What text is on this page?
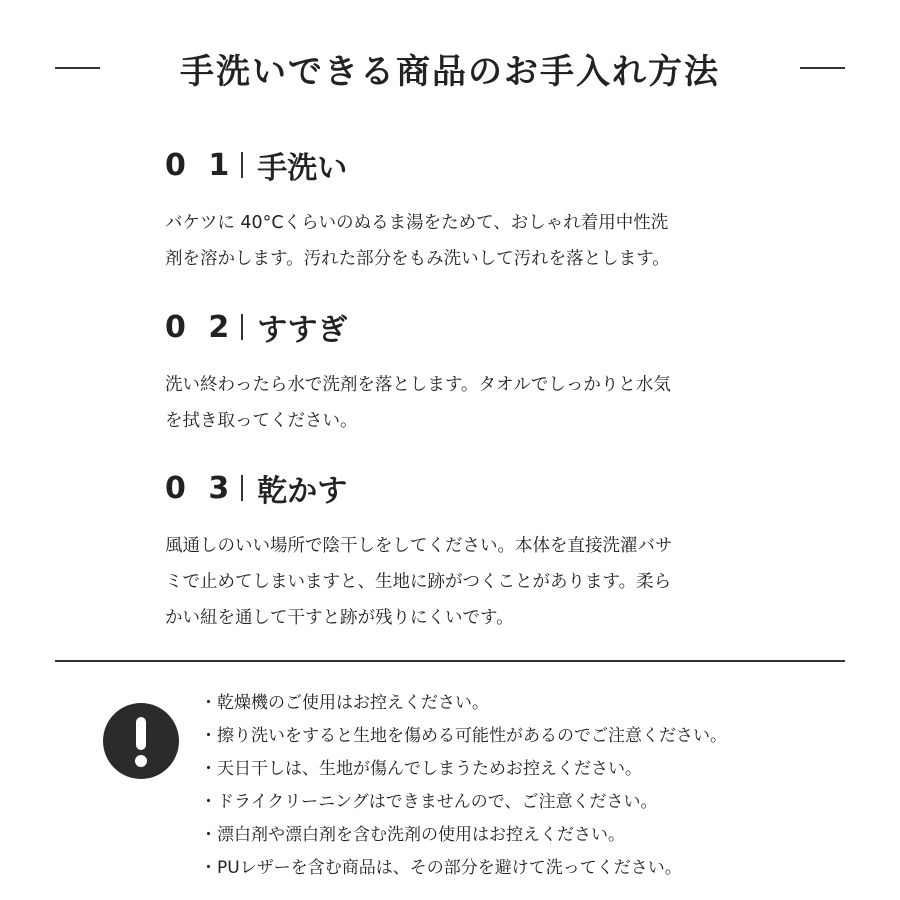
手洗いできる商品のお手入れ方法
0 1 手洗い
バケツに 40°Cくらいのぬるま湯をためて、おしゃれ着用中性洗
剤を溶かします。汚れた部分をもみ洗いして汚れを落とします。
0 2 すすぎ
洗い終わったら水で洗剤を落とします。タオルでしっかりと水気
を拭き取ってください。
0 3 乾かす
風通しのいい場所で陰干しをしてください。本体を直接洗濯バサ
ミで止めてしまいますと、生地に跡がつくことがあります。柔ら
かい紐を通して干すと跡が残りにくいです。
・乾燥機のご使用はお控えください。
・擦り洗いをすると生地を傷める可能性があるのでご注意ください。
・天日干しは、生地が傷んでしまうためお控えください。
・ドライクリーニングはできませんので、ご注意ください。
・漂白剤や漂白剤を含む洗剤の使用はお控えください。
・PUレザーを含む商品は、その部分を避けて洗ってください。
